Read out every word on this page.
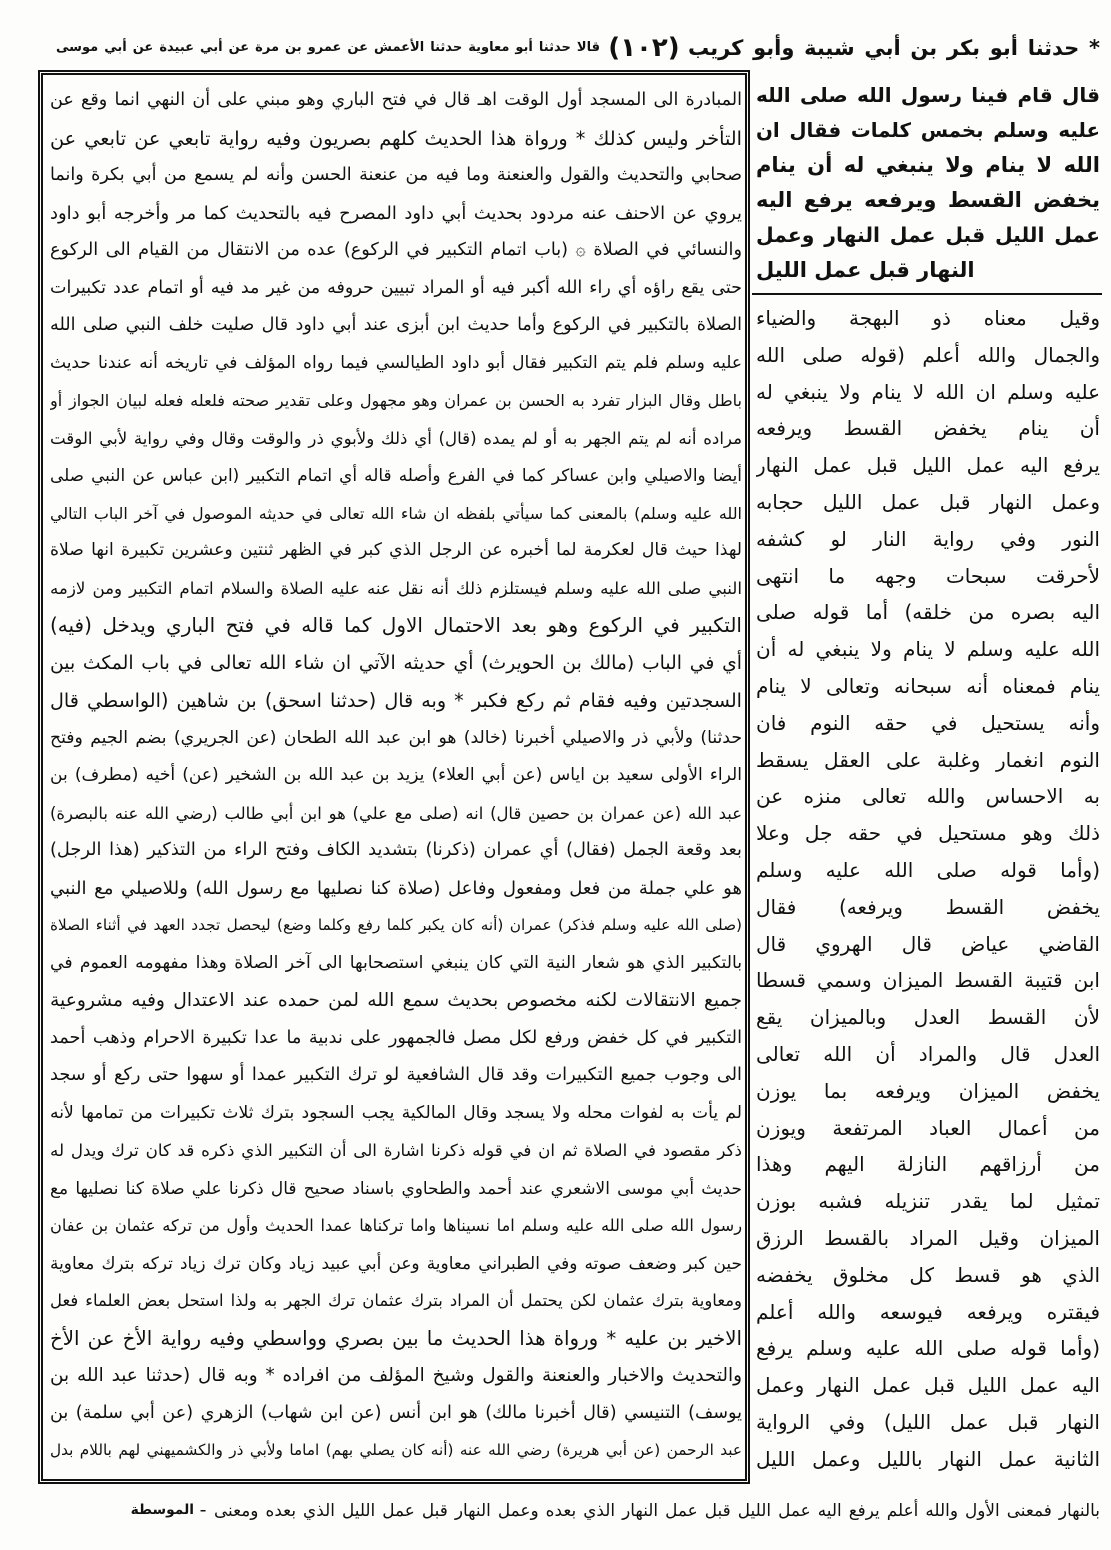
* حدثنا أبو بكر بن أبي شيبة وأبو كريب
(١٠٢)
قالا حدثنا أبو معاوية حدثنا الأعمش عن عمرو بن مرة عن أبي عبيدة عن أبي موسى
المبادرة الى المسجد أول الوقت اهـ قال في فتح الباري وهو مبني على أن النهي انما وقع عن
التأخر وليس كذلك * ورواة هذا الحديث كلهم بصريون وفيه رواية تابعي عن تابعي عن
صحابي والتحديث والقول والعنعنة وما فيه من عنعنة الحسن وأنه لم يسمع من أبي بكرة وانما
يروي عن الاحنف عنه مردود بحديث أبي داود المصرح فيه بالتحديث كما مر وأخرجه أبو داود
والنسائي في الصلاة ۞ (باب اتمام التكبير في الركوع) عده من الانتقال من القيام الى الركوع
حتى يقع راؤه أي راء الله أكبر فيه أو المراد تبيين حروفه من غير مد فيه أو اتمام عدد تكبيرات
الصلاة بالتكبير في الركوع وأما حديث ابن أبزى عند أبي داود قال صليت خلف النبي صلى الله
عليه وسلم فلم يتم التكبير فقال أبو داود الطيالسي فيما رواه المؤلف في تاريخه أنه عندنا حديث
باطل وقال البزار تفرد به الحسن بن عمران وهو مجهول وعلى تقدير صحته فلعله فعله لبيان الجواز أو
مراده أنه لم يتم الجهر به أو لم يمده (قال) أي ذلك ولأبوي ذر والوقت وقال وفي رواية لأبي الوقت
أيضا والاصيلي وابن عساكر كما في الفرع وأصله قاله أي اتمام التكبير (ابن عباس عن النبي صلى
الله عليه وسلم) بالمعنى كما سيأتي بلفظه ان شاء الله تعالى في حديثه الموصول في آخر الباب التالي
لهذا حيث قال لعكرمة لما أخبره عن الرجل الذي كبر في الظهر ثنتين وعشرين تكبيرة انها صلاة
النبي صلى الله عليه وسلم فيستلزم ذلك أنه نقل عنه عليه الصلاة والسلام اتمام التكبير ومن لازمه
التكبير في الركوع وهو بعد الاحتمال الاول كما قاله في فتح الباري ويدخل (فيه)
أي في الباب (مالك بن الحويرث) أي حديثه الآتي ان شاء الله تعالى في باب المكث بين
السجدتين وفيه فقام ثم ركع فكبر * وبه قال (حدثنا اسحق) بن شاهين (الواسطي قال
حدثنا) ولأبي ذر والاصيلي أخبرنا (خالد) هو ابن عبد الله الطحان (عن الجريري) بضم الجيم وفتح
الراء الأولى سعيد بن اياس (عن أبي العلاء) يزيد بن عبد الله بن الشخير (عن) أخيه (مطرف) بن
عبد الله (عن عمران بن حصين قال) انه (صلى مع علي) هو ابن أبي طالب (رضي الله عنه بالبصرة)
بعد وقعة الجمل (فقال) أي عمران (ذكرنا) بتشديد الكاف وفتح الراء من التذكير (هذا الرجل)
هو علي جملة من فعل ومفعول وفاعل (صلاة كنا نصليها مع رسول الله) وللاصيلي مع النبي
(صلى الله عليه وسلم فذكر) عمران (أنه كان يكبر كلما رفع وكلما وضع) ليحصل تجدد العهد في أثناء الصلاة
بالتكبير الذي هو شعار النية التي كان ينبغي استصحابها الى آخر الصلاة وهذا مفهومه العموم في
جميع الانتقالات لكنه مخصوص بحديث سمع الله لمن حمده عند الاعتدال وفيه مشروعية
التكبير في كل خفض ورفع لكل مصل فالجمهور على ندبية ما عدا تكبيرة الاحرام وذهب أحمد
الى وجوب جميع التكبيرات وقد قال الشافعية لو ترك التكبير عمدا أو سهوا حتى ركع أو سجد
لم يأت به لفوات محله ولا يسجد وقال المالكية يجب السجود بترك ثلاث تكبيرات من تمامها لأنه
ذكر مقصود في الصلاة ثم ان في قوله ذكرنا اشارة الى أن التكبير الذي ذكره قد كان ترك ويدل له
حديث أبي موسى الاشعري عند أحمد والطحاوي باسناد صحيح قال ذكرنا علي صلاة كنا نصليها مع
رسول الله صلى الله عليه وسلم اما نسيناها واما تركناها عمدا الحديث وأول من تركه عثمان بن عفان
حين كبر وضعف صوته وفي الطبراني معاوية وعن أبي عبيد زياد وكان ترك زياد تركه بترك معاوية
ومعاوية بترك عثمان لكن يحتمل أن المراد بترك عثمان ترك الجهر به ولذا استحل بعض العلماء فعل
الاخير بن عليه * ورواة هذا الحديث ما بين بصري وواسطي وفيه رواية الأخ عن الأخ
والتحديث والاخبار والعنعنة والقول وشيخ المؤلف من افراده * وبه قال (حدثنا عبد الله بن
يوسف) التنيسي (قال أخبرنا مالك) هو ابن أنس (عن ابن شهاب) الزهري (عن أبي سلمة) بن
عبد الرحمن (عن أبي هريرة) رضي الله عنه (أنه كان يصلي بهم) اماما ولأبي ذر والكشميهني لهم باللام بدل
قال قام فينا رسول الله صلى الله
عليه وسلم بخمس كلمات فقال ان
الله لا ينام ولا ينبغي له أن ينام
يخفض القسط ويرفعه يرفع اليه
عمل الليل قبل عمل النهار وعمل
النهار قبل عمل الليل
وقيل معناه ذو البهجة والضياء
والجمال والله أعلم (قوله صلى الله
عليه وسلم ان الله لا ينام ولا ينبغي له
أن ينام يخفض القسط ويرفعه
يرفع اليه عمل الليل قبل عمل النهار
وعمل النهار قبل عمل الليل حجابه
النور وفي رواية النار لو كشفه
لأحرقت سبحات وجهه ما انتهى
اليه بصره من خلقه) أما قوله صلى
الله عليه وسلم لا ينام ولا ينبغي له أن
ينام فمعناه أنه سبحانه وتعالى لا ينام
وأنه يستحيل في حقه النوم فان
النوم انغمار وغلبة على العقل يسقط
به الاحساس والله تعالى منزه عن
ذلك وهو مستحيل في حقه جل وعلا
(وأما قوله صلى الله عليه وسلم
يخفض القسط ويرفعه) فقال
القاضي عياض قال الهروي قال
ابن قتيبة القسط الميزان وسمي قسطا
لأن القسط العدل وبالميزان يقع
العدل قال والمراد أن الله تعالى
يخفض الميزان ويرفعه بما يوزن
من أعمال العباد المرتفعة ويوزن
من أرزاقهم النازلة اليهم وهذا
تمثيل لما يقدر تنزيله فشبه بوزن
الميزان وقيل المراد بالقسط الرزق
الذي هو قسط كل مخلوق يخفضه
فيقتره ويرفعه فيوسعه والله أعلم
(وأما قوله صلى الله عليه وسلم يرفع
اليه عمل الليل قبل عمل النهار وعمل
النهار قبل عمل الليل) وفي الرواية
الثانية عمل النهار بالليل وعمل الليل
بالنهار فمعنى الأول والله أعلم يرفع اليه عمل الليل قبل عمل النهار الذي بعده وعمل النهار قبل عمل الليل الذي بعده ومعنى
-
الموسطة
